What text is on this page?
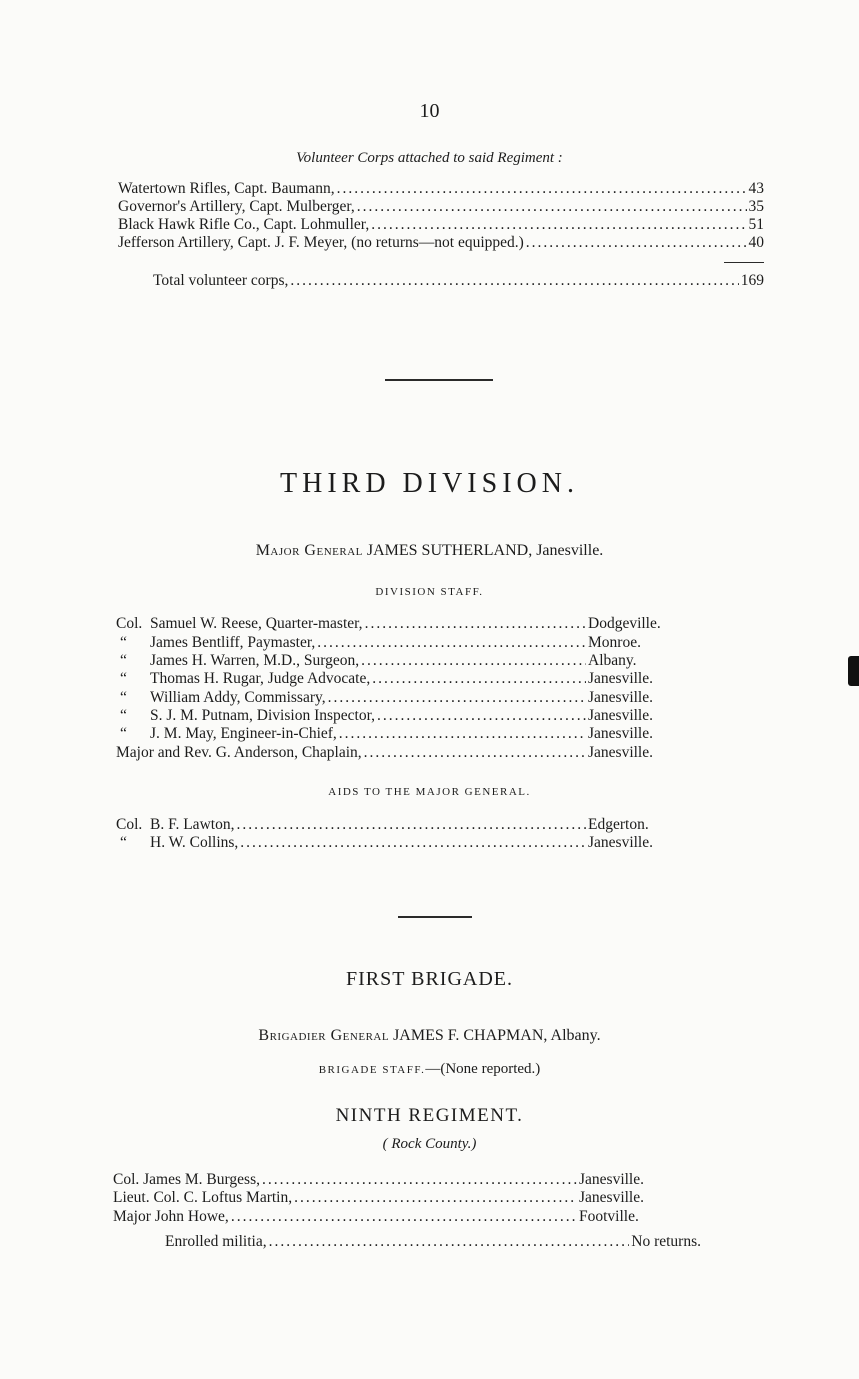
10
Volunteer Corps attached to said Regiment :
Watertown Rifles, Capt. Baumann, .....	43
Governor's Artillery, Capt. Mulberger, .....	35
Black Hawk Rifle Co., Capt. Lohmuller, .....	51
Jefferson Artillery, Capt. J. F. Meyer, (no returns—not equipped.) .....	40
Total volunteer corps, .....	169
THIRD DIVISION.
Major General JAMES SUTHERLAND, Janesville.
DIVISION STAFF.
Col. Samuel W. Reese, Quarter-master, .....	Dodgeville.
“	James Bentliff, Paymaster, .....	Monroe.
“	James H. Warren, M.D., Surgeon, .....	Albany.
“	Thomas H. Rugar, Judge Advocate, .....	Janesville.
“	William Addy, Commissary, .....	Janesville.
“	S. J. M. Putnam, Division Inspector, .....	Janesville.
“	J. M. May, Engineer-in-Chief, .....	Janesville.
Major and Rev. G. Anderson, Chaplain, .....	Janesville.
AIDS TO THE MAJOR GENERAL.
Col. B. F. Lawton, .....	Edgerton.
“	H. W. Collins, .....	Janesville.
FIRST BRIGADE.
Brigadier General JAMES F. CHAPMAN, Albany.
BRIGADE STAFF.—(None reported.)
NINTH REGIMENT.
( Rock County.)
Col. James M. Burgess, .....	Janesville.
Lieut. Col. C. Loftus Martin, .....	Janesville.
Major John Howe, .....	Footville.
Enrolled militia, .....	No returns.
